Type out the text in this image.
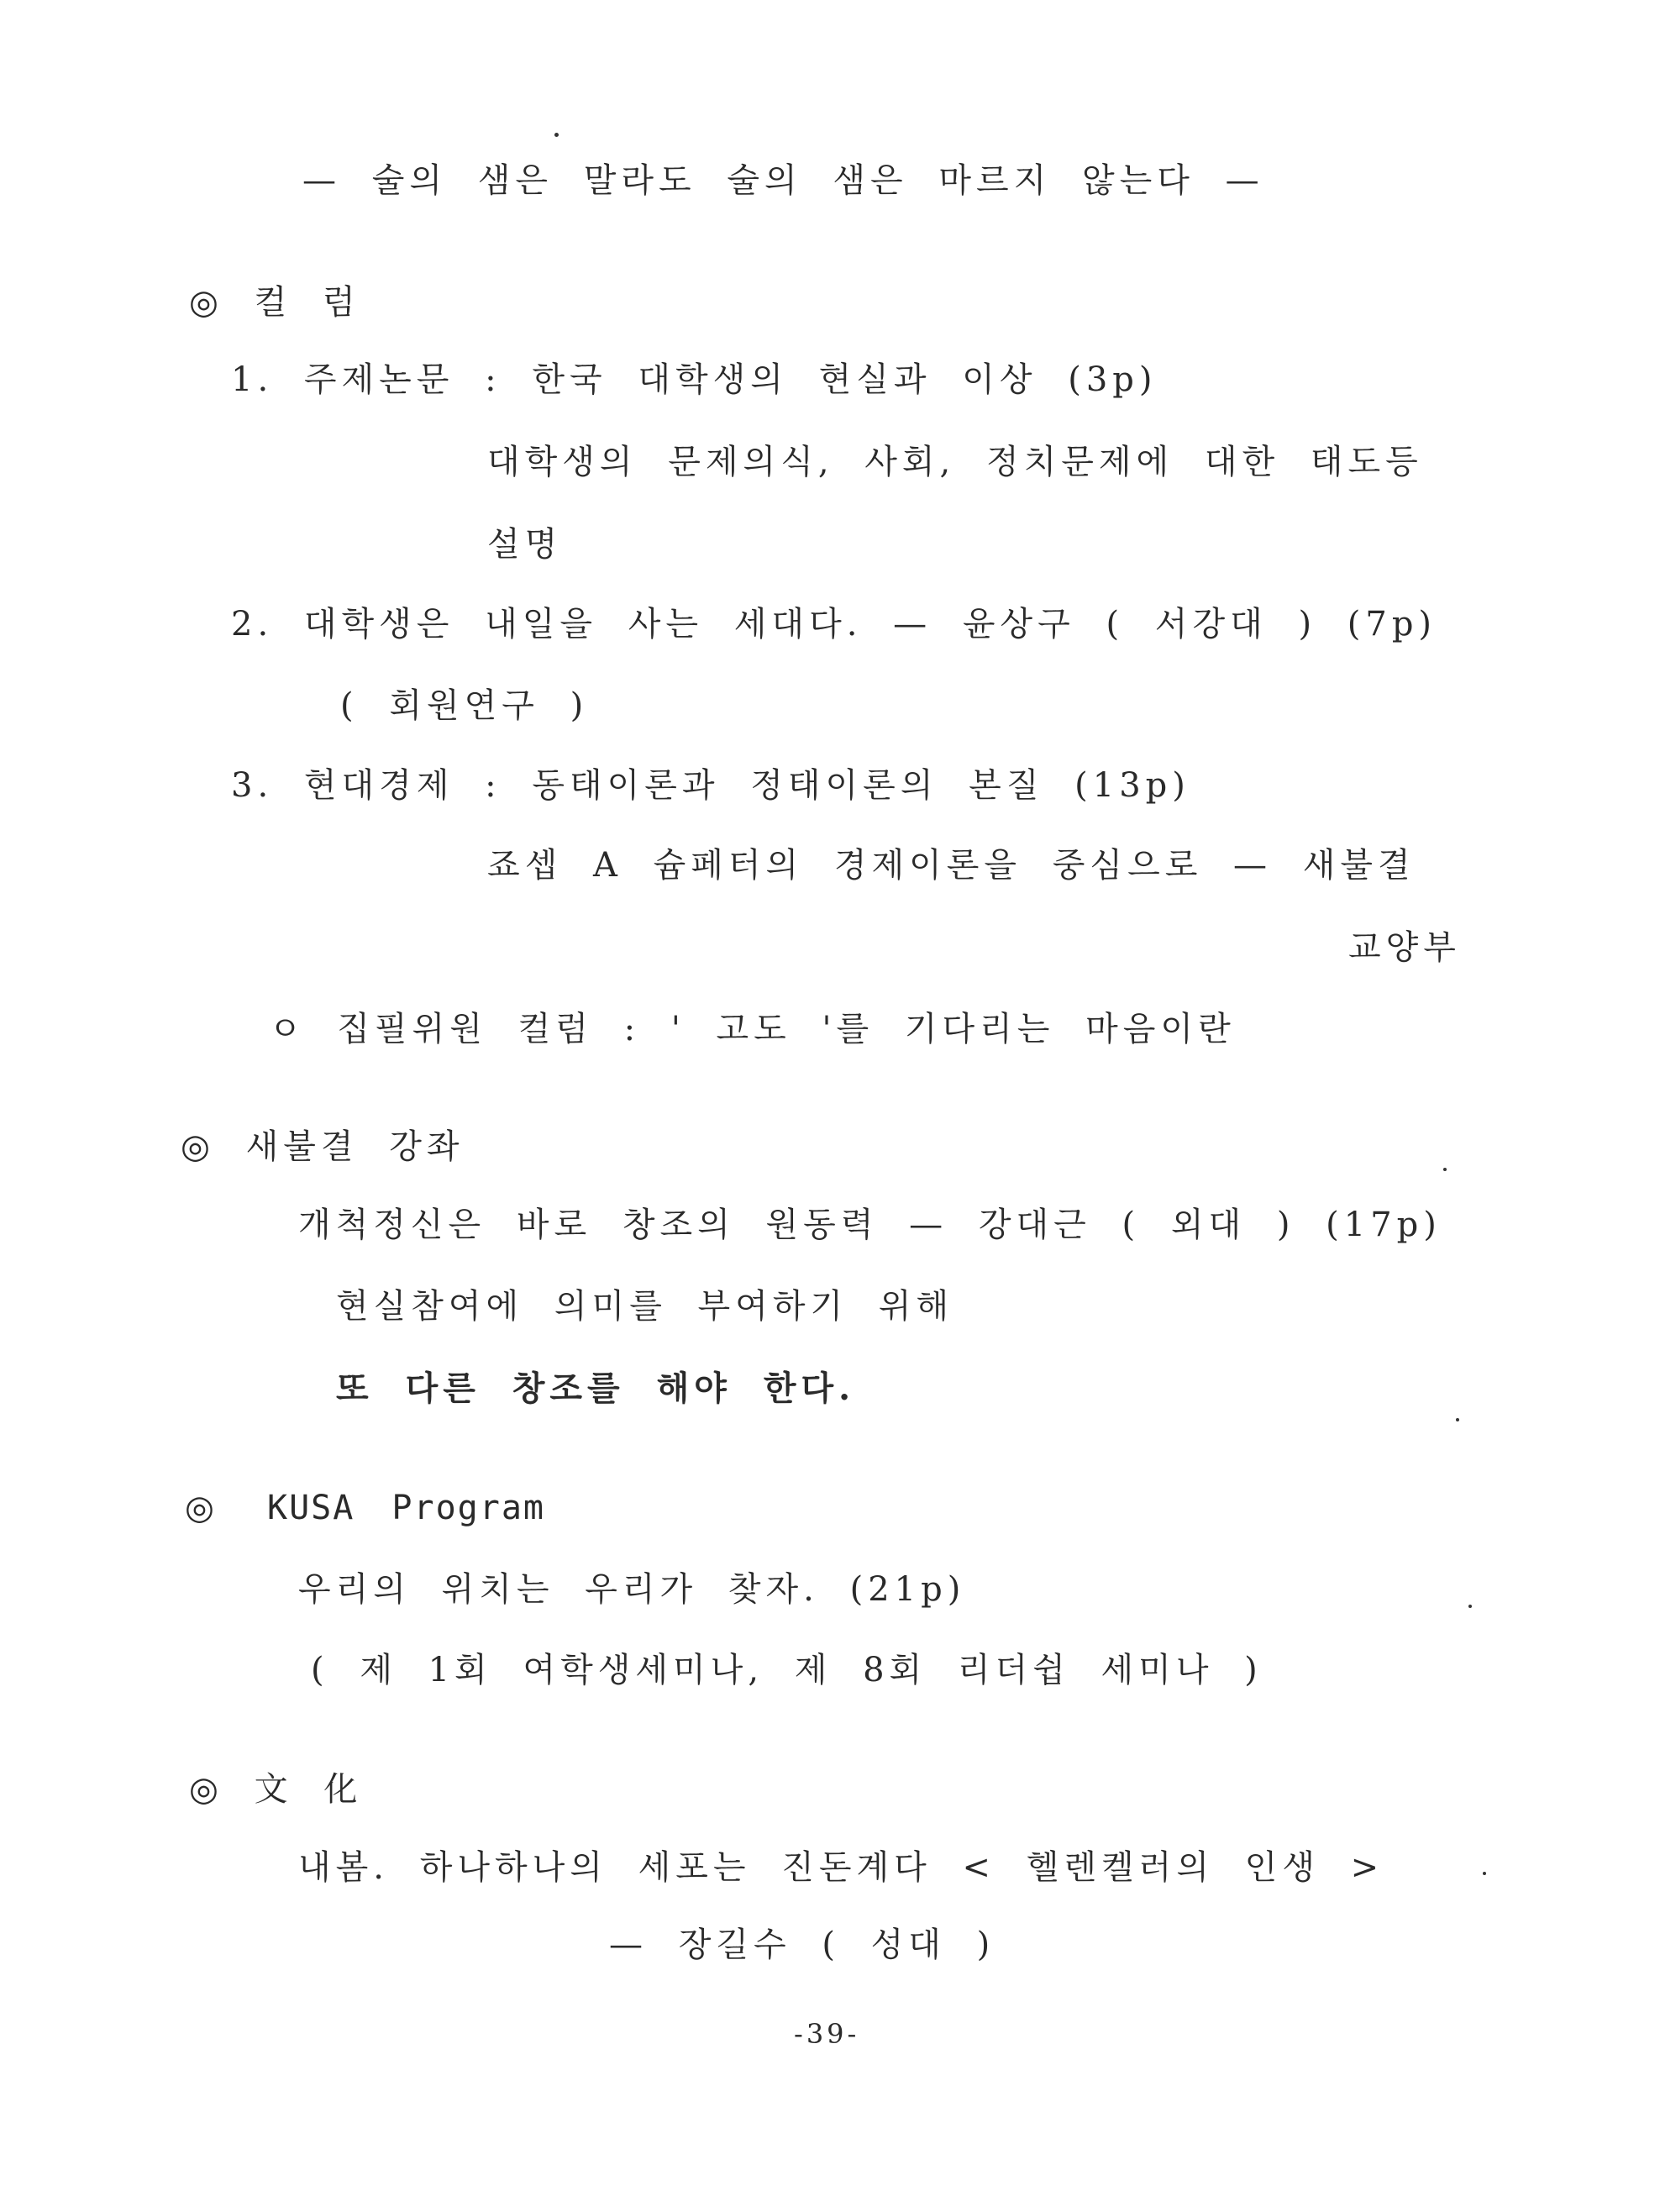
— 술의 샘은 말라도 술의 샘은 마르지 않는다 —
◎ 컬 럼
1. 주제논문 : 한국 대학생의 현실과 이상 (3p)
대학생의 문제의식, 사회, 정치문제에 대한 태도등
설명
2. 대학생은 내일을 사는 세대다. — 윤상구 ( 서강대 ) (7p)
( 회원연구 )
3. 현대경제 : 동태이론과 정태이론의 본질 (13p)
죠셉 A 슘페터의 경제이론을 중심으로 — 새불결
교양부
ㅇ 집필위원 컬럼 : ' 고도 '를 기다리는 마음이란
◎ 새불결 강좌
개척정신은 바로 창조의 원동력 — 강대근 ( 외대 ) (17p)
현실참여에 의미를 부여하기 위해
또 다른 창조를 해야 한다.
◎ KUSA Program
우리의 위치는 우리가 찾자. (21p)
( 제 1회 여학생세미나, 제 8회 리더쉽 세미나 )
◎ 文 化
내봄. 하나하나의 세포는 진돈계다 < 헬렌켈러의 인생 >
— 장길수 ( 성대 )
-39-
